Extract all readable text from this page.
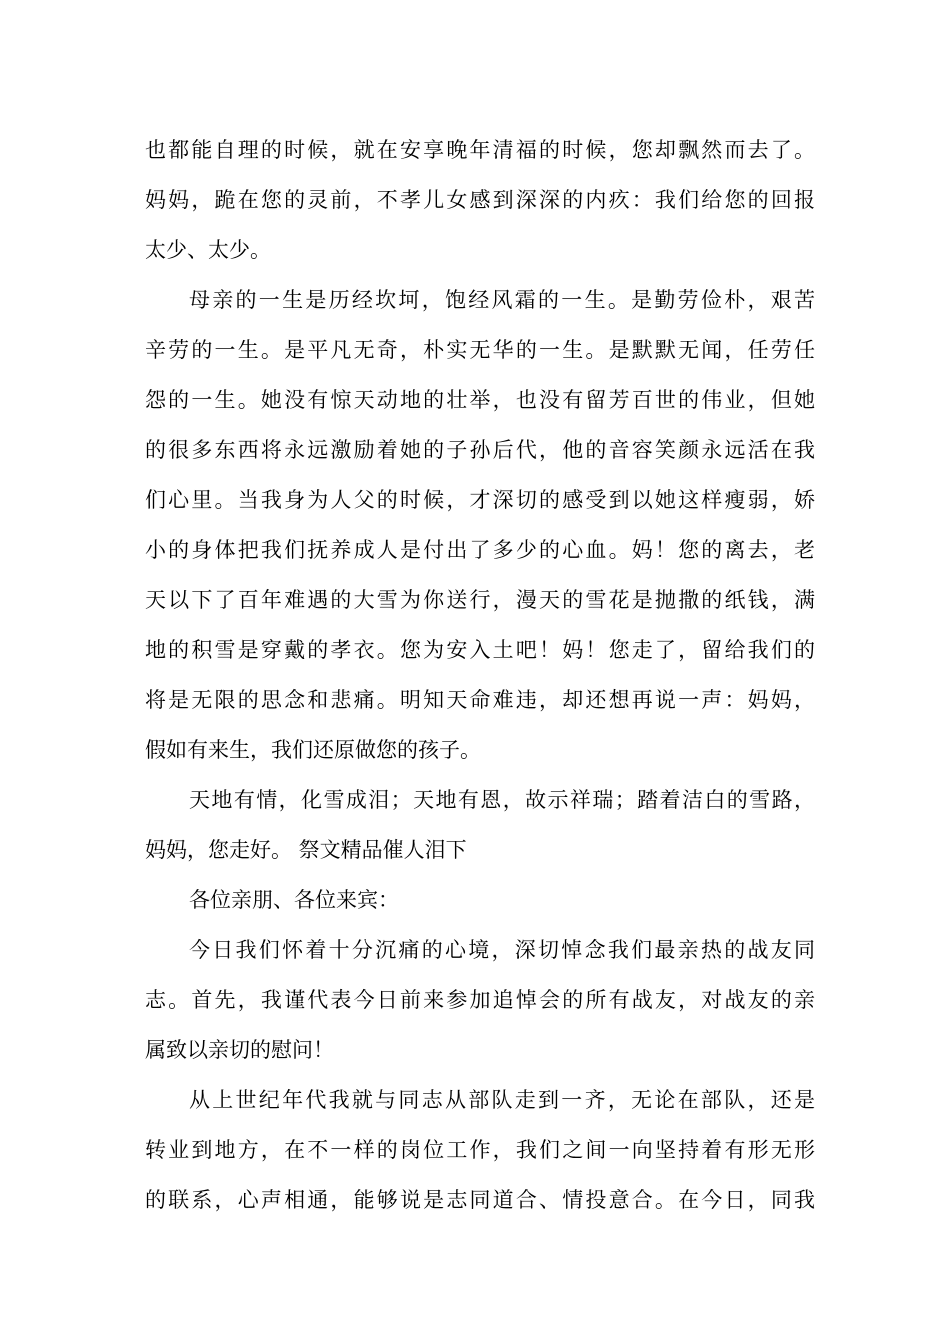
也都能自理的时候，就在安享晚年清福的时候，您却飘然而去了。
妈妈，跪在您的灵前，不孝儿女感到深深的内疚：我们给您的回报
太少、太少。
母亲的一生是历经坎坷，饱经风霜的一生。是勤劳俭朴，艰苦
辛劳的一生。是平凡无奇，朴实无华的一生。是默默无闻，任劳任
怨的一生。她没有惊天动地的壮举，也没有留芳百世的伟业，但她
的很多东西将永远激励着她的子孙后代，他的音容笑颜永远活在我
们心里。当我身为人父的时候，才深切的感受到以她这样瘦弱，娇
小的身体把我们抚养成人是付出了多少的心血。妈！您的离去，老
天以下了百年难遇的大雪为你送行，漫天的雪花是抛撒的纸钱，满
地的积雪是穿戴的孝衣。您为安入土吧！妈！您走了，留给我们的
将是无限的思念和悲痛。明知天命难违，却还想再说一声：妈妈，
假如有来生，我们还原做您的孩子。
天地有情，化雪成泪；天地有恩，故示祥瑞；踏着洁白的雪路，
妈妈，您走好。 祭文精品催人泪下
各位亲朋、各位来宾：
今日我们怀着十分沉痛的心境，深切悼念我们最亲热的战友同
志。首先，我谨代表今日前来参加追悼会的所有战友，对战友的亲
属致以亲切的慰问！
从上世纪年代我就与同志从部队走到一齐，无论在部队，还是
转业到地方，在不一样的岗位工作，我们之间一向坚持着有形无形
的联系，心声相通，能够说是志同道合、情投意合。在今日，同我
